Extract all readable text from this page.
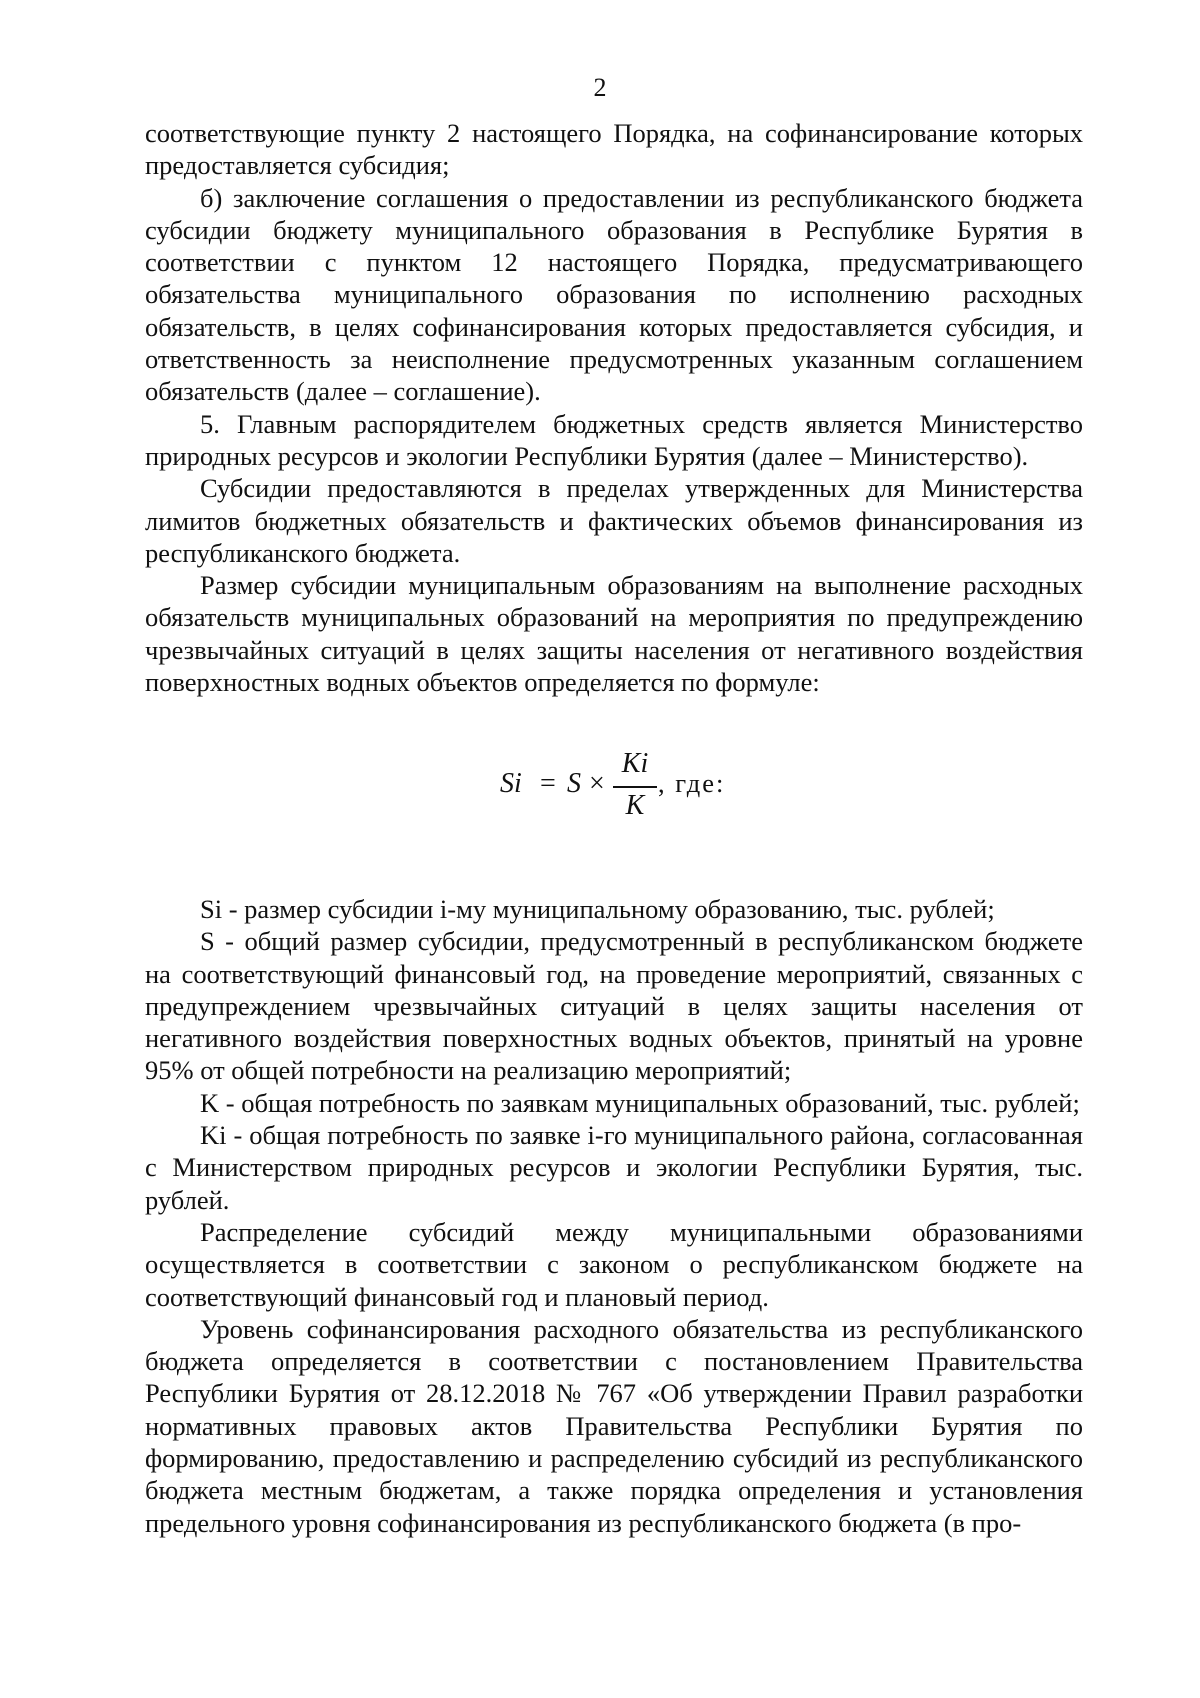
2

соответствующие пункту 2 настоящего Порядка, на софинансирование которых предоставляется субсидия;

б) заключение соглашения о предоставлении из республиканского бюджета субсидии бюджету муниципального образования в Республике Бурятия в соответствии с пунктом 12 настоящего Порядка, предусматривающего обязательства муниципального образования по исполнению расходных обязательств, в целях софинансирования которых предоставляется субсидия, и ответственность за неисполнение предусмотренных указанным соглашением обязательств (далее – соглашение).

5. Главным распорядителем бюджетных средств является Министерство природных ресурсов и экологии Республики Бурятия (далее – Министерство).

Субсидии предоставляются в пределах утвержденных для Министерства лимитов бюджетных обязательств и фактических объемов финансирования из республиканского бюджета.

Размер субсидии муниципальным образованиям на выполнение расходных обязательств муниципальных образований на мероприятия по предупреждению чрезвычайных ситуаций в целях защиты населения от негативного воздействия поверхностных водных объектов определяется по формуле:

Si = S ×
Ki
K
, где:

Si - размер субсидии i-му муниципальному образованию, тыс. рублей;

S - общий размер субсидии, предусмотренный в республиканском бюджете на соответствующий финансовый год, на проведение мероприятий, связанных с предупреждением чрезвычайных ситуаций в целях защиты населения от негативного воздействия поверхностных водных объектов, принятый на уровне 95% от общей потребности на реализацию мероприятий;

K - общая потребность по заявкам муниципальных образований, тыс. рублей;

Ki - общая потребность по заявке i-го муниципального района, согласованная с Министерством природных ресурсов и экологии Республики Бурятия, тыс. рублей.

Распределение субсидий между муниципальными образованиями осуществляется в соответствии с законом о республиканском бюджете на соответствующий финансовый год и плановый период.

Уровень софинансирования расходного обязательства из республиканского бюджета определяется в соответствии с постановлением Правительства Республики Бурятия от 28.12.2018 № 767 «Об утверждении Правил разработки нормативных правовых актов Правительства Республики Бурятия по формированию, предоставлению и распределению субсидий из республиканского бюджета местным бюджетам, а также порядка определения и установления предельного уровня софинансирования из республиканского бюджета (в про-
